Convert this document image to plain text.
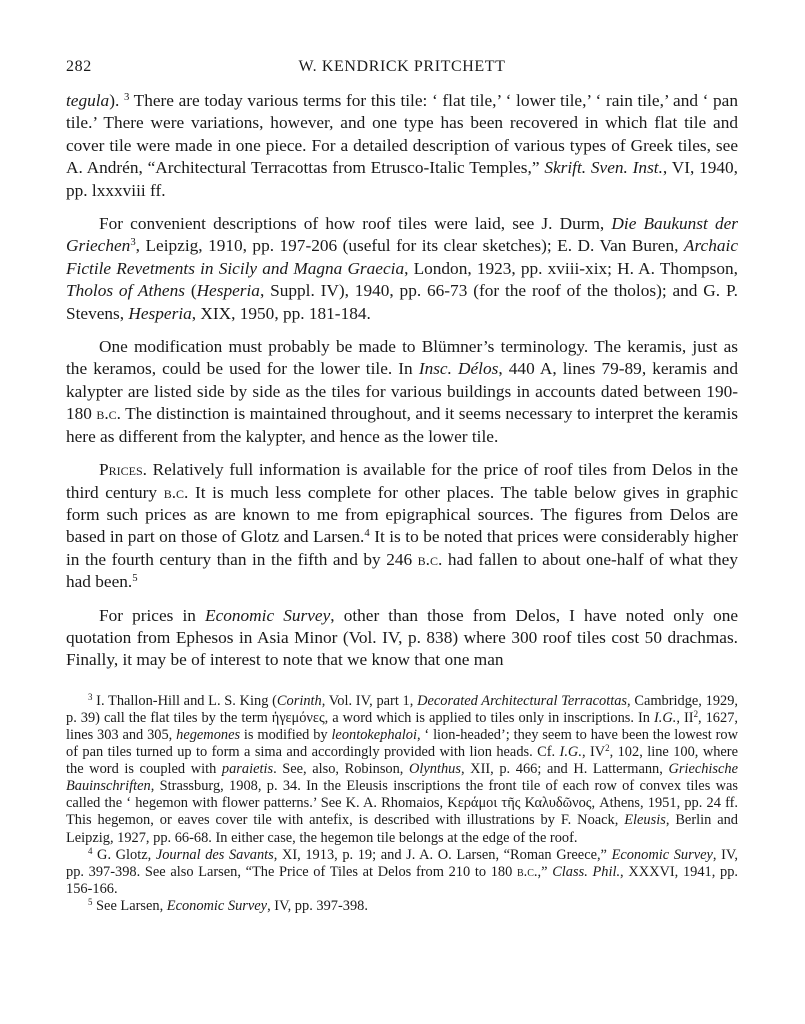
282	W. KENDRICK PRITCHETT

tegula). $^3$ There are today various terms for this tile: ‘ flat tile,’ ‘ lower tile,’ ‘ rain tile,’ and ‘ pan tile.’ There were variations, however, and one type has been recovered in which flat tile and cover tile were made in one piece. For a detailed description of various types of Greek tiles, see A. Andrén, “Architectural Terracottas from Etrusco-Italic Temples,” Skrift. Sven. Inst., VI, 1940, pp. lxxxviii ff.

For convenient descriptions of how roof tiles were laid, see J. Durm, Die Baukunst der Griechen$^3$, Leipzig, 1910, pp. 197-206 (useful for its clear sketches); E. D. Van Buren, Archaic Fictile Revetments in Sicily and Magna Graecia, London, 1923, pp. xviii-xix; H. A. Thompson, Tholos of Athens (Hesperia, Suppl. IV), 1940, pp. 66-73 (for the roof of the tholos); and G. P. Stevens, Hesperia, XIX, 1950, pp. 181-184.

One modification must probably be made to Blümner’s terminology. The keramis, just as the keramos, could be used for the lower tile. In Insc. Délos, 440 A, lines 79-89, keramis and kalypter are listed side by side as the tiles for various buildings in accounts dated between 190-180 b.c. The distinction is maintained throughout, and it seems necessary to interpret the keramis here as different from the kalypter, and hence as the lower tile.

Prices. Relatively full information is available for the price of roof tiles from Delos in the third century b.c. It is much less complete for other places. The table below gives in graphic form such prices as are known to me from epigraphical sources. The figures from Delos are based in part on those of Glotz and Larsen.$^4$ It is to be noted that prices were considerably higher in the fourth century than in the fifth and by 246 b.c. had fallen to about one-half of what they had been.$^5$

For prices in Economic Survey, other than those from Delos, I have noted only one quotation from Ephesos in Asia Minor (Vol. IV, p. 838) where 300 roof tiles cost 50 drachmas. Finally, it may be of interest to note that we know that one man

$^3$ I. Thallon-Hill and L. S. King (Corinth, Vol. IV, part 1, Decorated Architectural Terracottas, Cambridge, 1929, p. 39) call the flat tiles by the term ἡγεμόνες, a word which is applied to tiles only in inscriptions. In I.G., $II^2$, 1627, lines 303 and 305, hegemones is modified by leontokephaloi, ‘ lion-headed’; they seem to have been the lowest row of pan tiles turned up to form a sima and accordingly provided with lion heads. Cf. I.G., $IV^2$, 102, line 100, where the word is coupled with paraietis. See, also, Robinson, Olynthus, XII, p. 466; and H. Lattermann, Griechische Bauinschriften, Strassburg, 1908, p. 34. In the Eleusis inscriptions the front tile of each row of convex tiles was called the ‘ hegemon with flower patterns.’ See K. A. Rhomaios, Κεράμοι τῆς Καλυδῶνος, Athens, 1951, pp. 24 ff. This hegemon, or eaves cover tile with antefix, is described with illustrations by F. Noack, Eleusis, Berlin and Leipzig, 1927, pp. 66-68. In either case, the hegemon tile belongs at the edge of the roof.

$^4$ G. Glotz, Journal des Savants, XI, 1913, p. 19; and J. A. O. Larsen, “Roman Greece,” Economic Survey, IV, pp. 397-398. See also Larsen, “The Price of Tiles at Delos from 210 to 180 b.c.,” Class. Phil., XXXVI, 1941, pp. 156-166.

$^5$ See Larsen, Economic Survey, IV, pp. 397-398.
